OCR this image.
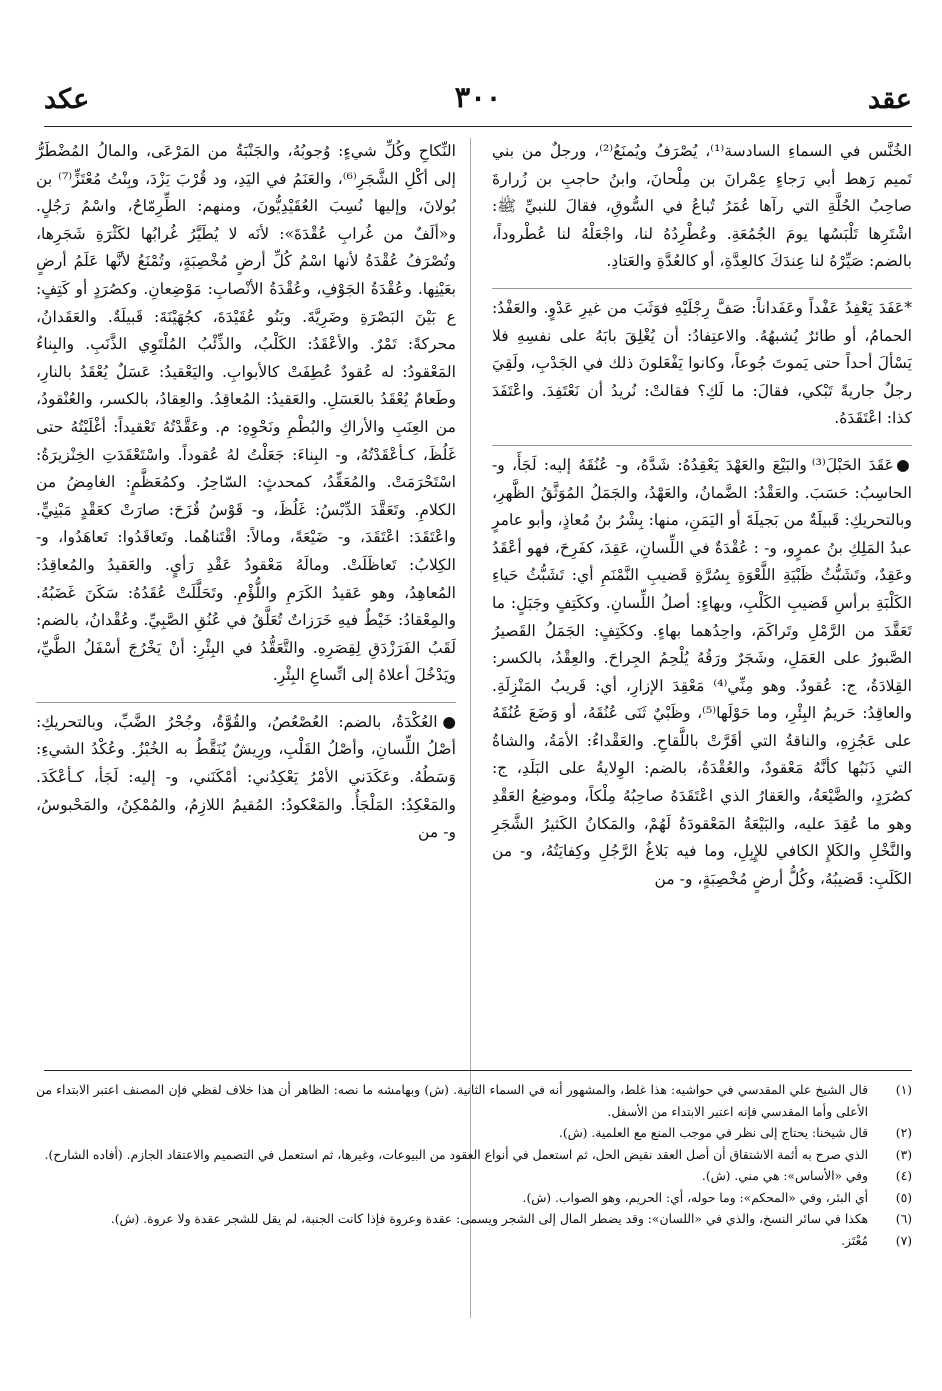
عقد
٣٠٠
عكد

الخُنَّس في السماءِ السادسة⁽¹⁾، يُصْرَفُ ويُمنَعُ⁽²⁾، ورجلٌ من بني تَميم رَهط أبي رَجاءٍ عِمْرانَ بن مِلْحانَ، وابنُ حاجبِ بن زُرارةَ صاحِبُ الحُلَّةِ التي رآها عُمَرُ تُباعُ في السُّوقِ، فقالَ للنبيِّ ﷺ: اشْتَرِها تَلْبَسُها يومَ الجُمُعَةِ. وعُطْرِدُهُ لنا، واجْعَلْهُ لنا عُطْروداً، بالضم: صَيِّرْهُ لنا عِندَكَ كالعِدَّةِ، أو كالعُدَّةِ والعَتادِ.

*عَفَدَ يَعْفِدُ عَفْداً وعَفَداناً: صَفَّ رِجْلَيْهِ فوَثَبَ من غيرِ عَدْوٍ. والعَفْدُ: الحمامُ، أو طائرٌ يُشبهُهُ. والاعتِفادُ: أن يُغْلِقَ بابَهُ على نفسِهِ فلا يَسْألَ أحداً حتى يَموتَ جُوعاً، وكانوا يَفْعَلونَ ذلك في الجَدْبِ، ولَقِيَ رجلٌ جاريةً تَبْكي، فقالَ: ما لَكِ؟ فقالتْ: نُريدُ أن نَعْتَفِدَ. واعْتَفَدَ كذا: اعْتَقَدَهُ.

●عَقَدَ الحَبْلَ⁽³⁾ والبَيْعَ والعَهْدَ يَعْقِدُهُ: شَدَّهُ، و- عُنُقَهُ إليه: لَجَأَ، و- الحاسِبُ: حَسَبَ. والعَقْدُ: الضَّمانُ، والعَهْدُ، والجَمَلُ المُوَثَّقُ الظَّهرِ، وبالتحريكِ: قَبيلَةٌ من بَجيلَةَ أو اليَمَنِ، منها: بِشْرُ بنُ مُعاذٍ، وأبو عامرٍ عبدُ المَلِكِ بنُ عمرٍو، و- : عُقْدَةٌ في اللِّسانِ، عَقِدَ، كفَرِحَ، فهو أعْقَدُ وعَقِدٌ، وتَشَبُّثُ ظَبْيَةِ اللَّعْوَةِ بِسُرَّةِ قَضيبِ النَّمْنَمِ أي: تَشَبُّثُ حَياءِ الكَلْبَةِ برأسِ قَضيبِ الكَلْبِ، وبهاءٍ: أصلُ اللِّسانِ. وككَتِفٍ وجَبَلٍ: ما تَعَقَّدَ من الرَّمْلِ وتَراكَمَ، واحِدُهما بهاءٍ. وككَتِفٍ: الجَمَلُ القَصيرُ الصَّبورُ على العَمَلِ، وشَجَرٌ ورَقُهُ يُلْحِمُ الجِراحَ. والعِقْدُ، بالكسر: القِلادَةُ، ج: عُقودٌ. وهو مِنِّي⁽⁴⁾ مَعْقِدَ الإزارِ، أي: قَريبُ المَنْزِلَةِ. والعاقِدُ: حَريمُ البِئْرِ، وما حَوْلَها⁽⁵⁾، وظَبْيٌ ثَنَى عُنُقَهُ، أو وَضَعَ عُنُقَهُ على عَجُزِهِ، والناقةُ التي أقَرَّتْ باللَّقاحِ. والعَقْداءُ: الأمَةُ، والشاةُ التي ذَنَبُها كأنَّهُ مَعْقودٌ، والعُقْدَةُ، بالضم: الوِلايةُ على البَلَدِ، ج: كصُرَدٍ، والضَّيْعَةُ، والعَقارُ الذي اعْتَقَدَهُ صاحِبُهُ مِلْكاً، وموضِعُ العَقْدِ وهو ما عُقِدَ عليه، والبَيْعَةُ المَعْقودَةُ لَهُمْ، والمَكانُ الكَثيرُ الشَّجَرِ والنَّخْلِ والكَلإِ الكافي للإِبِلِ، وما فيه بَلاغُ الرَّجُلِ وكِفايَتُهُ، و- من الكَلَبِ: قَضيبُهُ، وكُلُّ أرضٍ مُخْصِبَةٍ، و- من

النِّكاحِ وكُلِّ شيءٍ: وُجوبُهُ، والجَنْبَةُ من المَرْعَى، والمالُ المُضْطَرُّ إلى أكْلِ الشَّجَرِ⁽⁶⁾، والعَنَمُ في اليَدِ، ود قُرْبَ يَزْدَ، وبِنْتُ مُعْتَزٍّ⁽⁷⁾ بن بُولانَ، وإليها نُسِبَ العُقَيْدِيُّونَ، ومنهم: الطِّرِمّاحُ، واسْمُ رَجُلٍ. و«ألَفٌ من غُرابِ عُقْدَةَ»: لأنَه لا يُطَيَّرُ غُرابُها لكَثْرَةِ شَجَرِها، وتُصْرَفُ عُقْدَةُ لأنها اسْمُ كُلِّ أرضٍ مُخْصِبَةٍ، وتُمْنَعُ لأنَّها عَلَمُ أرضٍ بعَيْنِها. وعُقْدَةُ الجَوْفِ، وعُقْدَةُ الأنْصابِ: مَوْضِعانِ. وكصُرَدٍ أو كَتِفٍ: ع بَيْنَ البَصْرَةِ وضَرِيَّةَ. وبَنُو عُقَيْدَةَ، كجُهَيْنَةَ: قَبيلَةٌ. والعَقَدانُ، محركةً: تَمْرٌ. والأعْقَدُ: الكَلْبُ، والذِّئْبُ المُلْتَوِي الذَّنَبِ. والبِناءُ المَعْقودُ: له عُقودٌ عُطِفَتْ كالأبوابِ. واليَعْقيدُ: عَسَلٌ يُعْقَدُ بالنارِ، وطَعامٌ يُعْقَدُ بالعَسَلِ. والعَقيدُ: المُعاقِدُ. والعِقادُ، بالكسر، والعُنْقودُ، من العِنَبِ والأراكِ والبُطْمِ ونَحْوِهِ: م. وعَقَّدْتُهُ تَعْقيداً: أغْلَيْتُهُ حتى غَلُظَ، كـأعْقَدْتُهُ، و- البِناءَ: جَعَلْتُ لهُ عُقوداً. واسْتَعْقَدَتِ الخِنْزيرَةُ: اسْتَحْرَمَتْ. والمُعَقِّدُ، كمحدثٍ: السّاحِرُ. وكمُعَظَّمٍ: الغامِضُ من الكلامِ. وتَعَقَّدَ الدِّبْسُ: غَلُظَ، و- قَوْسُ قُزَحَ: صارَتْ كعَقْدٍ مَبْنِيٍّ. واعْتَقَدَ: اعْتَقَدَ، و- ضَيْعَةً، ومالاً: اقْتَناهُما. وتَعاقَدُوا: تَعاهَدُوا، و- الكِلابُ: تَعاظَلَتْ. ومالَهُ مَعْقودُ عَقْدِ رَأيٍ. والعَقيدُ والمُعاقِدُ: المُعاهِدُ، وهو عَقيدُ الكَرَمِ واللُّؤْمِ. وتَحَلَّلَتْ عُقَدُهُ: سَكَنَ غَضَبُهُ. والمِعْقادُ: خَيْطٌ فيهِ خَرَزاتٌ تُعَلَّقُ في عُنُقِ الصَّبِيِّ. وعُقْدانُ، بالضم: لَقَبُ الفَرَزْدَقِ لِقِصَرِهِ. والتَّعَقُّدُ في البِئْرِ: أنْ يَخْرُجَ أسْفَلُ الطَّيِّ، ويَدْخُلَ أعلاهُ إلى اتِّساعِ البِئْرِ.

●العُكْدَةُ، بالضم: العُصْعُصُ، والقُوَّةُ، وجُحْرُ الضَّبِّ، وبالتحريكِ: أصْلُ اللِّسانِ، وأصْلُ القَلْبِ، ورِيشٌ يُنَقَّطُ به الخُبْزُ. وعُكْدُ الشيءِ: وَسَطُهُ. وعَكَدَني الأمْرُ يَعْكِدُني: أمْكَنَني، و- إليه: لَجَأ، كـأعْكَدَ. والمَعْكِدُ: المَلْجَأُ. والمَعْكودُ: المُقيمُ اللازِمُ، والمُمْكِنُ، والمَحْبوسُ، و- من

(١)
قال الشيخ علي المقدسي في حواشيه: هذا غلط، والمشهور أنه في السماء الثانية. (ش) وبهامشه ما نصه: الظاهر أن هذا خلاف لفظي فإن المصنف اعتبر الابتداء من الأعلى وأما المقدسي فإنه اعتبر الابتداء من الأسفل.
(٢)
قال شيخنا: يحتاج إلى نظر في موجب المنع مع العلمية. (ش).
(٣)
الذي صرح به أئمة الاشتقاق أن أصل العقد نقيض الحل، ثم استعمل في أنواع العقود من البيوعات، وغيرها، ثم استعمل في التصميم والاعتقاد الجازم. (أفاده الشارح).
(٤)
وفي «الأساس»: هي مني. (ش).
(٥)
أي البئر، وفي «المحكم»: وما حوله، أي: الحريم، وهو الصواب. (ش).
(٦)
هكذا في سائر النسخ، والذي في «اللسان»: وقد يضطر المال إلى الشجر ويسمى: عقدة وعروة فإذا كانت الجنبة، لم يقل للشجر عقدة ولا عروة. (ش).
(٧)
مُعْتَز.
